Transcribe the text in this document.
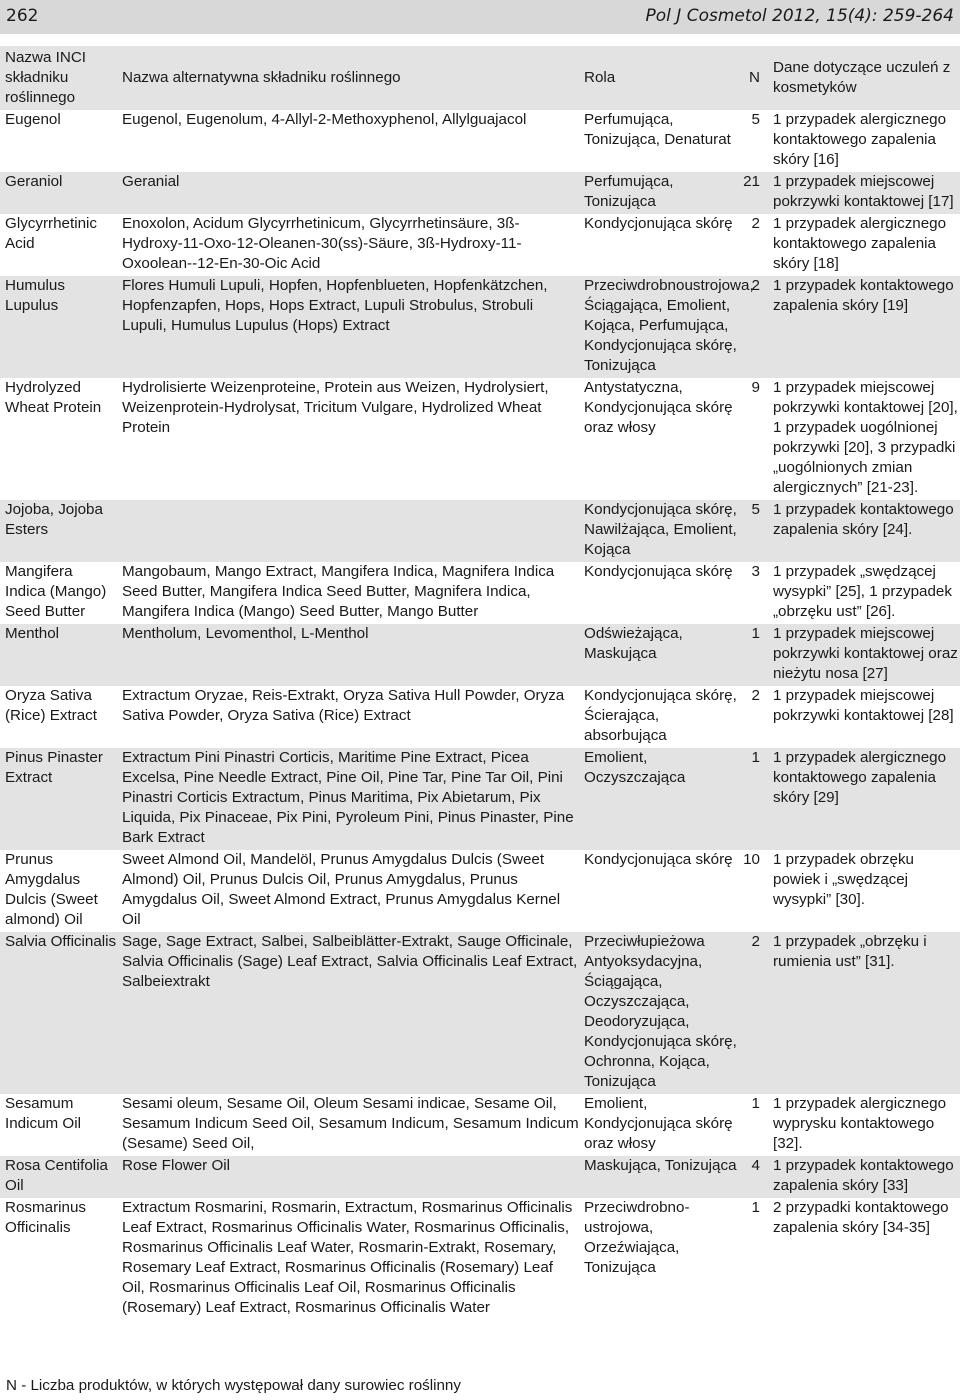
262	Pol J Cosmetol 2012, 15(4): 259-264
Nazwa INCI składniku roślinnego	Nazwa alternatywna składniku roślinnego	Rola	N	Dane dotyczące uczuleń z kosmetyków
Eugenol	Eugenol, Eugenolum, 4-Allyl-2-Methoxyphenol, Allylguajacol	Perfumująca, Tonizująca, Denaturat	5	1 przypadek alergicznego kontaktowego zapalenia skóry [16]
Geraniol	Geranial	Perfumująca, Tonizująca	21	1 przypadek miejscowej pokrzywki kontaktowej [17]
Glycyrrhetinic Acid	Enoxolon, Acidum Glycyrrhetinicum, Glycyrrhetinsäure, 3ß-Hydroxy-11-Oxo-12-Oleanen-30(ss)-Säure, 3ß-Hydroxy-11-Oxoolean--12-En-30-Oic Acid	Kondycjonująca skórę	2	1 przypadek alergicznego kontaktowego zapalenia skóry [18]
Humulus Lupulus	Flores Humuli Lupuli, Hopfen, Hopfenblueten, Hopfenkätzchen, Hopfenzapfen, Hops, Hops Extract, Lupuli Strobulus, Strobuli Lupuli, Humulus Lupulus (Hops) Extract	Przeciwdrobnoustrojowa, Ściągająca, Emolient, Kojąca, Perfumująca, Kondycjonująca skórę, Tonizująca	2	1 przypadek kontaktowego zapalenia skóry [19]
Hydrolyzed Wheat Protein	Hydrolisierte Weizenproteine, Protein aus Weizen, Hydrolysiert, Weizenprotein-Hydrolysat, Tricitum Vulgare, Hydrolized Wheat Protein	Antystatyczna, Kondycjonująca skórę oraz włosy	9	1 przypadek miejscowej pokrzywki kontaktowej [20], 1 przypadek uogólnionej pokrzywki [20], 3 przypadki „uogólnionych zmian alergicznych” [21-23].
Jojoba, Jojoba Esters		Kondycjonująca skórę, Nawilżająca, Emolient, Kojąca	5	1 przypadek kontaktowego zapalenia skóry [24].
Mangifera Indica (Mango) Seed Butter	Mangobaum, Mango Extract, Mangifera Indica, Magnifera Indica Seed Butter, Mangifera Indica Seed Butter, Magnifera Indica, Mangifera Indica (Mango) Seed Butter, Mango Butter	Kondycjonująca skórę	3	1 przypadek „swędzącej wysypki” [25], 1 przypadek „obrzęku ust” [26].
Menthol	Mentholum, Levomenthol, L-Menthol	Odświeżająca, Maskująca	1	1 przypadek miejscowej pokrzywki kontaktowej oraz nieżytu nosa [27]
Oryza Sativa (Rice) Extract	Extractum Oryzae, Reis-Extrakt, Oryza Sativa Hull Powder, Oryza Sativa Powder, Oryza Sativa (Rice) Extract	Kondycjonująca skórę, Ścierająca, absorbująca	2	1 przypadek miejscowej pokrzywki kontaktowej [28]
Pinus Pinaster Extract	Extractum Pini Pinastri Corticis, Maritime Pine Extract, Picea Excelsa, Pine Needle Extract, Pine Oil, Pine Tar, Pine Tar Oil, Pini Pinastri Corticis Extractum, Pinus Maritima, Pix Abietarum, Pix Liquida, Pix Pinaceae, Pix Pini, Pyroleum Pini, Pinus Pinaster, Pine Bark Extract	Emolient, Oczyszczająca	1	1 przypadek alergicznego kontaktowego zapalenia skóry [29]
Prunus Amygdalus Dulcis (Sweet almond) Oil	Sweet Almond Oil, Mandelöl, Prunus Amygdalus Dulcis (Sweet Almond) Oil, Prunus Dulcis Oil, Prunus Amygdalus, Prunus Amygdalus Oil, Sweet Almond Extract, Prunus Amygdalus Kernel Oil	Kondycjonująca skórę	10	1 przypadek obrzęku powiek i „swędzącej wysypki” [30].
Salvia Officinalis	Sage, Sage Extract, Salbei, Salbeiblätter-Extrakt, Sauge Officinale, Salvia Officinalis (Sage) Leaf Extract, Salvia Officinalis Leaf Extract, Salbeiextrakt	Przeciwłupieżowa Antyoksydacyjna, Ściągająca, Oczyszczająca, Deodoryzująca, Kondycjonująca skórę, Ochronna, Kojąca, Tonizująca	2	1 przypadek „obrzęku i rumienia ust” [31].
Sesamum Indicum Oil	Sesami oleum, Sesame Oil, Oleum Sesami indicae, Sesame Oil, Sesamum Indicum Seed Oil, Sesamum Indicum, Sesamum Indicum (Sesame) Seed Oil,	Emolient, Kondycjonująca skórę oraz włosy	1	1 przypadek alergicznego wyprysku kontaktowego [32].
Rosa Centifolia Oil	Rose Flower Oil	Maskująca, Tonizująca	4	1 przypadek kontaktowego zapalenia skóry [33]
Rosmarinus Officinalis	Extractum Rosmarini, Rosmarin, Extractum, Rosmarinus Officinalis Leaf Extract, Rosmarinus Officinalis Water, Rosmarinus Officinalis, Rosmarinus Officinalis Leaf Water, Rosmarin-Extrakt, Rosemary, Rosemary Leaf Extract, Rosmarinus Officinalis (Rosemary) Leaf Oil, Rosmarinus Officinalis Leaf Oil, Rosmarinus Officinalis (Rosemary) Leaf Extract, Rosmarinus Officinalis Water	Przeciwdrobno-ustrojowa, Orzeźwiająca, Tonizująca	1	2 przypadki kontaktowego zapalenia skóry [34-35]
N - Liczba produktów, w których występował dany surowiec roślinny
